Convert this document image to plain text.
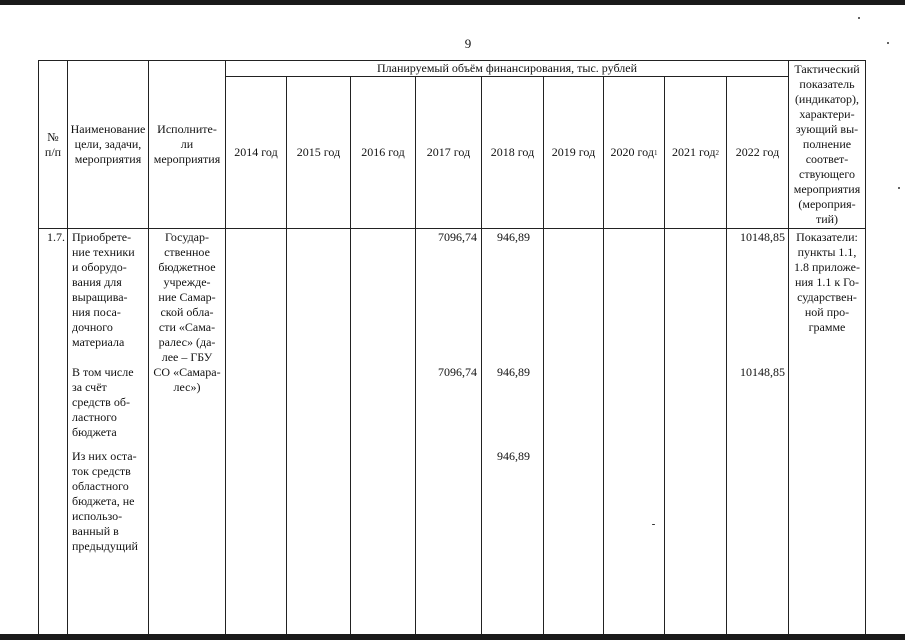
9
№
п/п
Наименование
цели, задачи,
мероприятия
Исполните-
ли
мероприятия
Планируемый объём финансирования, тыс. рублей
2014 год 2015 год 2016 год 2017 год 2018 год 2019 год 2020 год 1 2021 год 2 2022 год
Тактический
показатель
(индикатор),
характери-
зующий вы-
полнение
соответ-
ствующего
мероприятия
(мероприя-
тий)
1.7. Приобрете-
ние техники
и оборудо-
вания для
выращива-
ния поса-
дочного
материала
Государ-
ственное
бюджетное
учрежде-
ние Самар-
ской обла-
сти «Сама-
ралес» (да-
лее – ГБУ
7096,74 946,89	10148,85 Показатели:
пункты 1.1,
1.8 приложе-
ния 1.1 к Го-
сударствен-
ной про-
грамме
В том числе
за счёт
средств об-
ластного
бюджета
СО «Самара-
лес»)
7096,74 946,89	10148,85
Из них оста-
ток средств
областного
бюджета, не
использо-
ванный в
предыдущий
946,89
